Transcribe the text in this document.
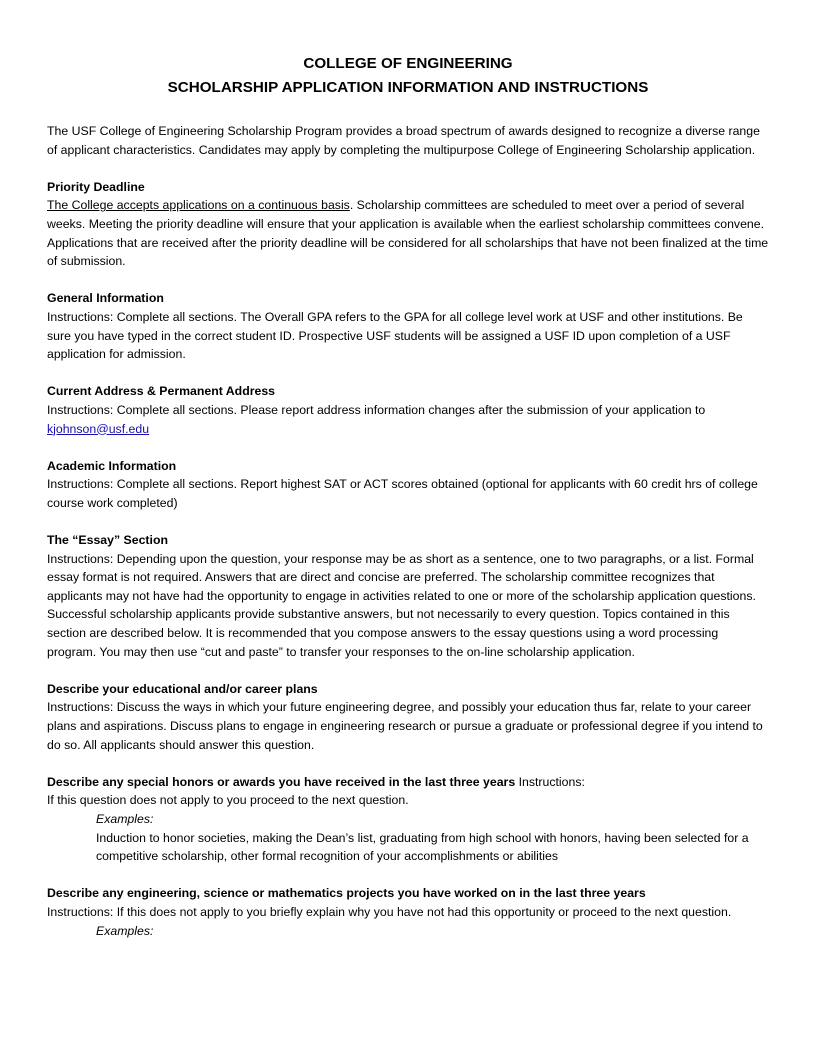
COLLEGE OF ENGINEERING

SCHOLARSHIP APPLICATION INFORMATION AND INSTRUCTIONS

The USF College of Engineering Scholarship Program provides a broad spectrum of awards designed to recognize a diverse range of applicant characteristics. Candidates may apply by completing the multipurpose College of Engineering Scholarship application.

Priority Deadline

The College accepts applications on a continuous basis. Scholarship committees are scheduled to meet over a period of several weeks. Meeting the priority deadline will ensure that your application is available when the earliest scholarship committees convene. Applications that are received after the priority deadline will be considered for all scholarships that have not been finalized at the time of submission.

General Information

Instructions: Complete all sections. The Overall GPA refers to the GPA for all college level work at USF and other institutions. Be sure you have typed in the correct student ID. Prospective USF students will be assigned a USF ID upon completion of a USF application for admission.

Current Address & Permanent Address

Instructions: Complete all sections. Please report address information changes after the submission of your application to kjohnson@usf.edu

Academic Information

Instructions: Complete all sections. Report highest SAT or ACT scores obtained (optional for applicants with 60 credit hrs of college course work completed)

The “Essay” Section

Instructions: Depending upon the question, your response may be as short as a sentence, one to two paragraphs, or a list. Formal essay format is not required. Answers that are direct and concise are preferred. The scholarship committee recognizes that applicants may not have had the opportunity to engage in activities related to one or more of the scholarship application questions. Successful scholarship applicants provide substantive answers, but not necessarily to every question. Topics contained in this section are described below. It is recommended that you compose answers to the essay questions using a word processing program. You may then use “cut and paste” to transfer your responses to the on-line scholarship application.

Describe your educational and/or career plans

Instructions: Discuss the ways in which your future engineering degree, and possibly your education thus far, relate to your career plans and aspirations. Discuss plans to engage in engineering research or pursue a graduate or professional degree if you intend to do so. All applicants should answer this question.

Describe any special honors or awards you have received in the last three years Instructions:

If this question does not apply to you proceed to the next question.

Examples:

Induction to honor societies, making the Dean’s list, graduating from high school with honors, having been selected for a competitive scholarship, other formal recognition of your accomplishments or abilities

Describe any engineering, science or mathematics projects you have worked on in the last three years

Instructions: If this does not apply to you briefly explain why you have not had this opportunity or proceed to the next question.

Examples:
